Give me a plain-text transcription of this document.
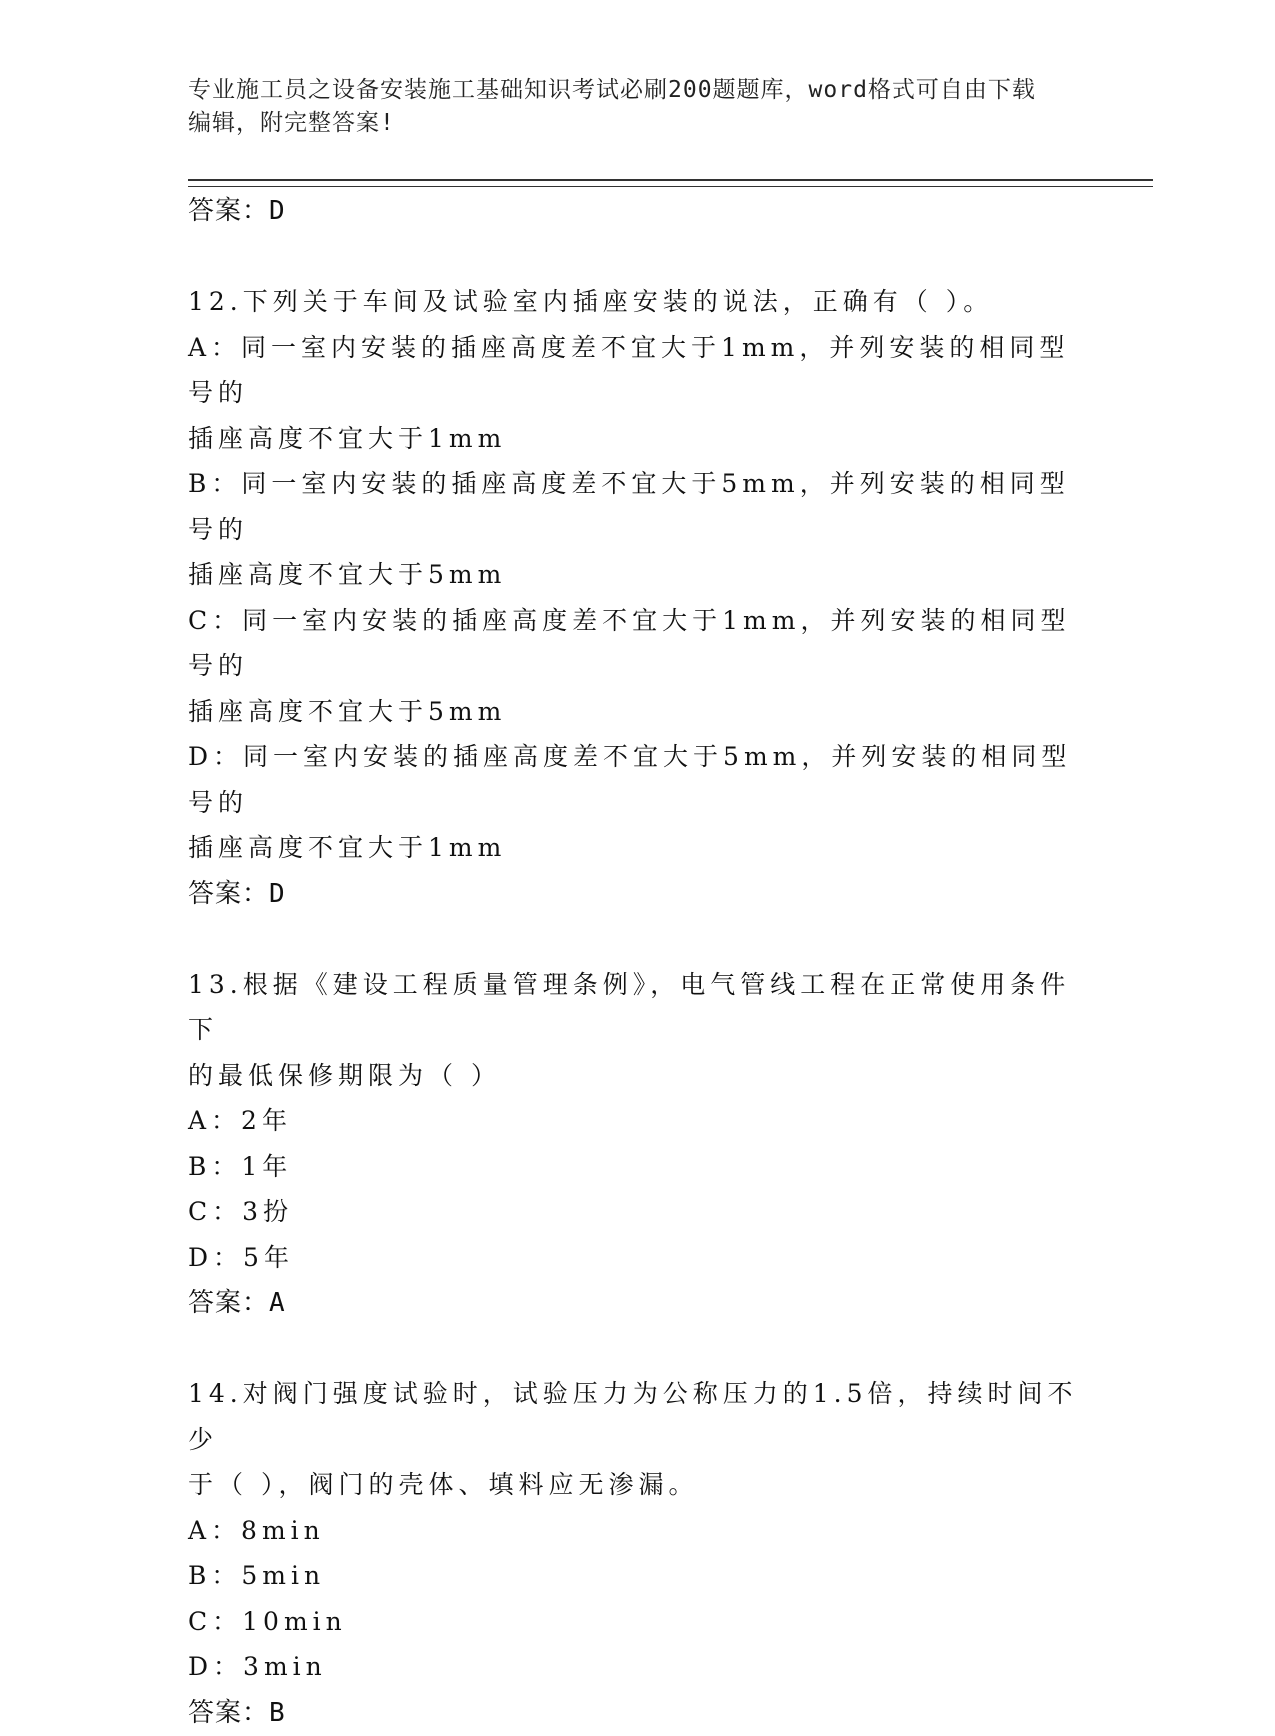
专业施工员之设备安装施工基础知识考试必刷200题题库，word格式可自由下载
编辑，附完整答案!
答案：D

12.下列关于车间及试验室内插座安装的说法，正确有（ ）。

A：同一室内安装的插座高度差不宜大于1mm，并列安装的相同型号的

插座高度不宜大于1mm

B：同一室内安装的插座高度差不宜大于5mm，并列安装的相同型号的

插座高度不宜大于5mm

C：同一室内安装的插座高度差不宜大于1mm，并列安装的相同型号的

插座高度不宜大于5mm

D：同一室内安装的插座高度差不宜大于5mm，并列安装的相同型号的

插座高度不宜大于1mm

答案：D

13.根据《建设工程质量管理条例》，电气管线工程在正常使用条件下

的最低保修期限为（ ）

A：2年

B：1年

C：3扮

D：5年

答案：A

14.对阀门强度试验时，试验压力为公称压力的1.5倍，持续时间不少

于（ ），阀门的壳体、填料应无渗漏。

A：8min

B：5min

C：10min

D：3min

答案：B
